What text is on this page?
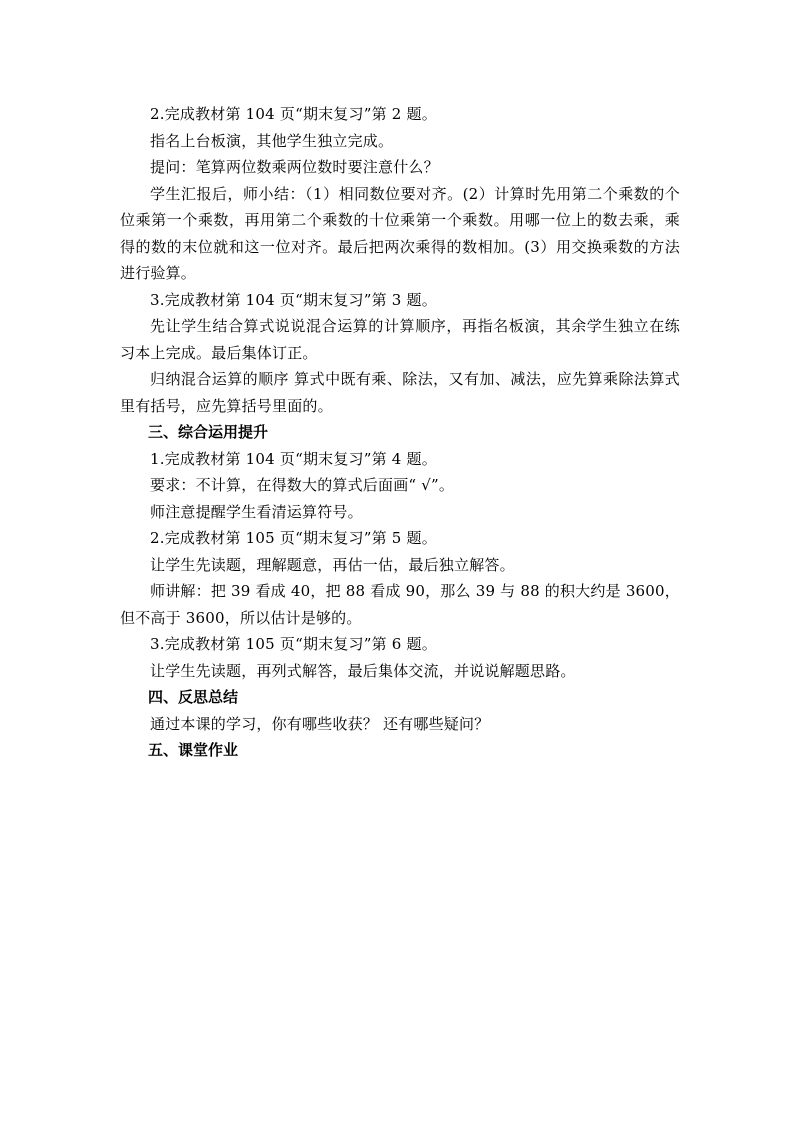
2.完成教材第 104 页“期末复习”第 2 题。

指名上台板演，其他学生独立完成。

提问：笔算两位数乘两位数时要注意什么？

学生汇报后，师小结：（1）相同数位要对齐。(2）计算时先用第二个乘数的个位乘第一个乘数，再用第二个乘数的十位乘第一个乘数。用哪一位上的数去乘，乘得的数的末位就和这一位对齐。最后把两次乘得的数相加。(3）用交换乘数的方法进行验算。

3.完成教材第 104 页“期末复习”第 3 题。

先让学生结合算式说说混合运算的计算顺序，再指名板演，其余学生独立在练习本上完成。最后集体订正。

归纳混合运算的顺序 算式中既有乘、除法，又有加、减法，应先算乘除法算式里有括号，应先算括号里面的。

三、综合运用提升

1.完成教材第 104 页“期末复习”第 4 题。

要求：不计算，在得数大的算式后面画“ √”。

师注意提醒学生看清运算符号。

2.完成教材第 105 页“期末复习”第 5 题。

让学生先读题，理解题意，再估一估，最后独立解答。

师讲解：把 39 看成 40，把 88 看成 90，那么 39 与 88 的积大约是 3600，但不高于 3600，所以估计是够的。

3.完成教材第 105 页“期末复习”第 6 题。

让学生先读题，再列式解答，最后集体交流，并说说解题思路。

四、反思总结

通过本课的学习，你有哪些收获？ 还有哪些疑问？

五、课堂作业
